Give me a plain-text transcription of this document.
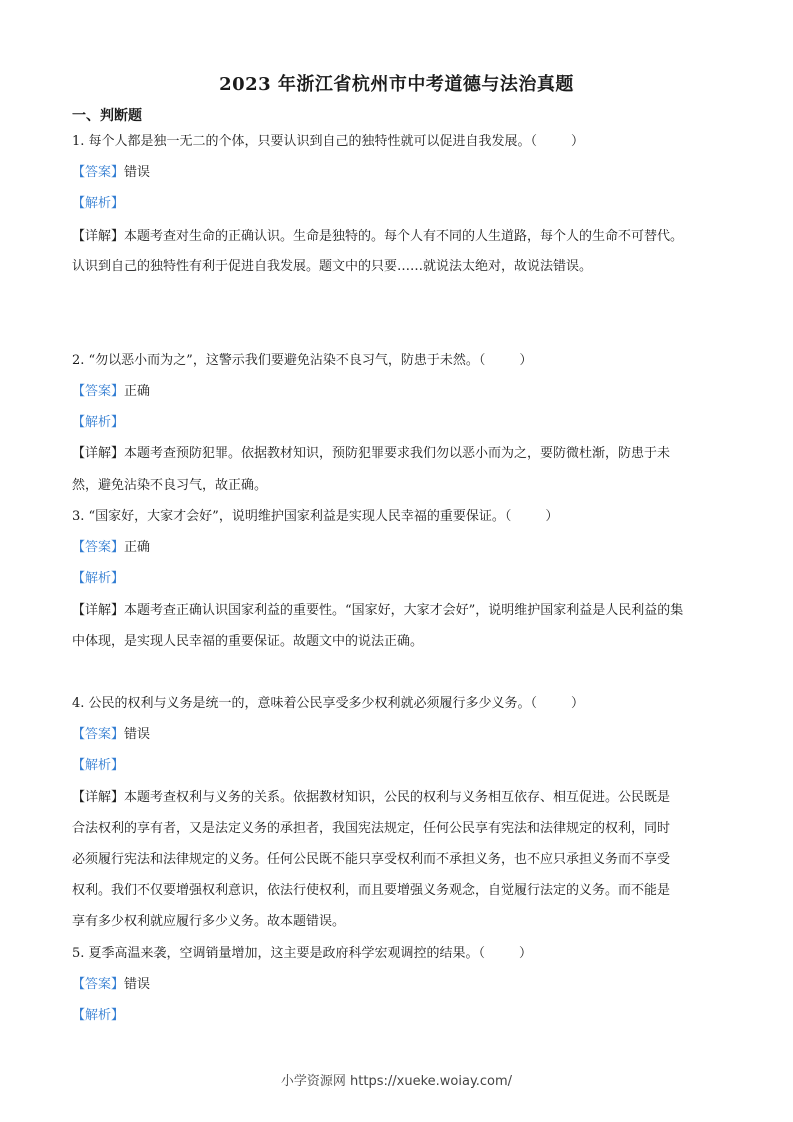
2023 年浙江省杭州市中考道德与法治真题
一、判断题
1. 每个人都是独一无二的个体，只要认识到自己的独特性就可以促进自我发展。（	）
【答案】错误
【解析】
【详解】本题考查对生命的正确认识。生命是独特的。每个人有不同的人生道路，每个人的生命不可替代。
认识到自己的独特性有利于促进自我发展。题文中的只要……就说法太绝对，故说法错误。
2. “勿以恶小而为之”，这警示我们要避免沾染不良习气，防患于未然。（	）
【答案】正确
【解析】
【详解】本题考查预防犯罪。依据教材知识，预防犯罪要求我们勿以恶小而为之，要防微杜渐，防患于未
然，避免沾染不良习气，故正确。
3. “国家好，大家才会好”，说明维护国家利益是实现人民幸福的重要保证。（	）
【答案】正确
【解析】
【详解】本题考查正确认识国家利益的重要性。“国家好，大家才会好”，说明维护国家利益是人民利益的集
中体现，是实现人民幸福的重要保证。故题文中的说法正确。
4. 公民的权利与义务是统一的，意味着公民享受多少权利就必须履行多少义务。（	）
【答案】错误
【解析】
【详解】本题考查权利与义务的关系。依据教材知识，公民的权利与义务相互依存、相互促进。公民既是
合法权利的享有者，又是法定义务的承担者，我国宪法规定，任何公民享有宪法和法律规定的权利，同时
必须履行宪法和法律规定的义务。任何公民既不能只享受权利而不承担义务，也不应只承担义务而不享受
权利。我们不仅要增强权利意识，依法行使权利，而且要增强义务观念，自觉履行法定的义务。而不能是
享有多少权利就应履行多少义务。故本题错误。
5. 夏季高温来袭，空调销量增加，这主要是政府科学宏观调控的结果。（	）
【答案】错误
【解析】
小学资源网 https://xueke.woiay.com/
